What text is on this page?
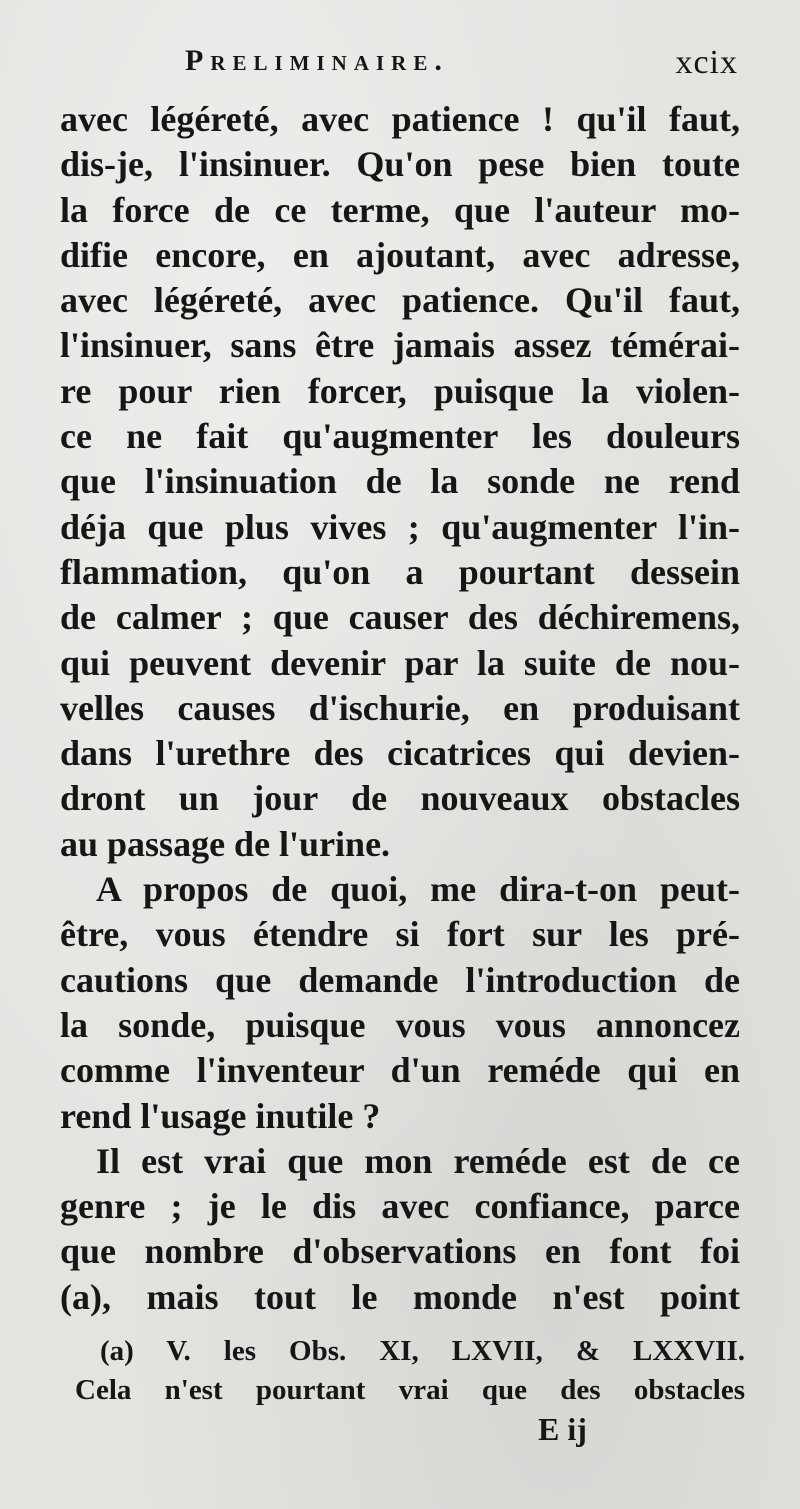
Preliminaire.	xcix
avec légéreté, avec patience ! qu'il faut,
dis-je, l'insinuer. Qu'on pese bien toute
la force de ce terme, que l'auteur mo-
difie encore, en ajoutant, avec adresse,
avec légéreté, avec patience. Qu'il faut,
l'insinuer, sans être jamais assez témérai-
re pour rien forcer, puisque la violen-
ce ne fait qu'augmenter les douleurs
que l'insinuation de la sonde ne rend
déja que plus vives ; qu'augmenter l'in-
flammation, qu'on a pourtant dessein
de calmer ; que causer des déchiremens,
qui peuvent devenir par la suite de nou-
velles causes d'ischurie, en produisant
dans l'urethre des cicatrices qui devien-
dront un jour de nouveaux obstacles
au passage de l'urine.
A propos de quoi, me dira-t-on peut-
être, vous étendre si fort sur les pré-
cautions que demande l'introduction de
la sonde, puisque vous vous annoncez
comme l'inventeur d'un reméde qui en
rend l'usage inutile ?
Il est vrai que mon reméde est de ce
genre ; je le dis avec confiance, parce
que nombre d'observations en font foi
(a), mais tout le monde n'est point
(a) V. les Obs. XI, LXVII, & LXXVII.
Cela n'est pourtant vrai que des obstacles
E ij
